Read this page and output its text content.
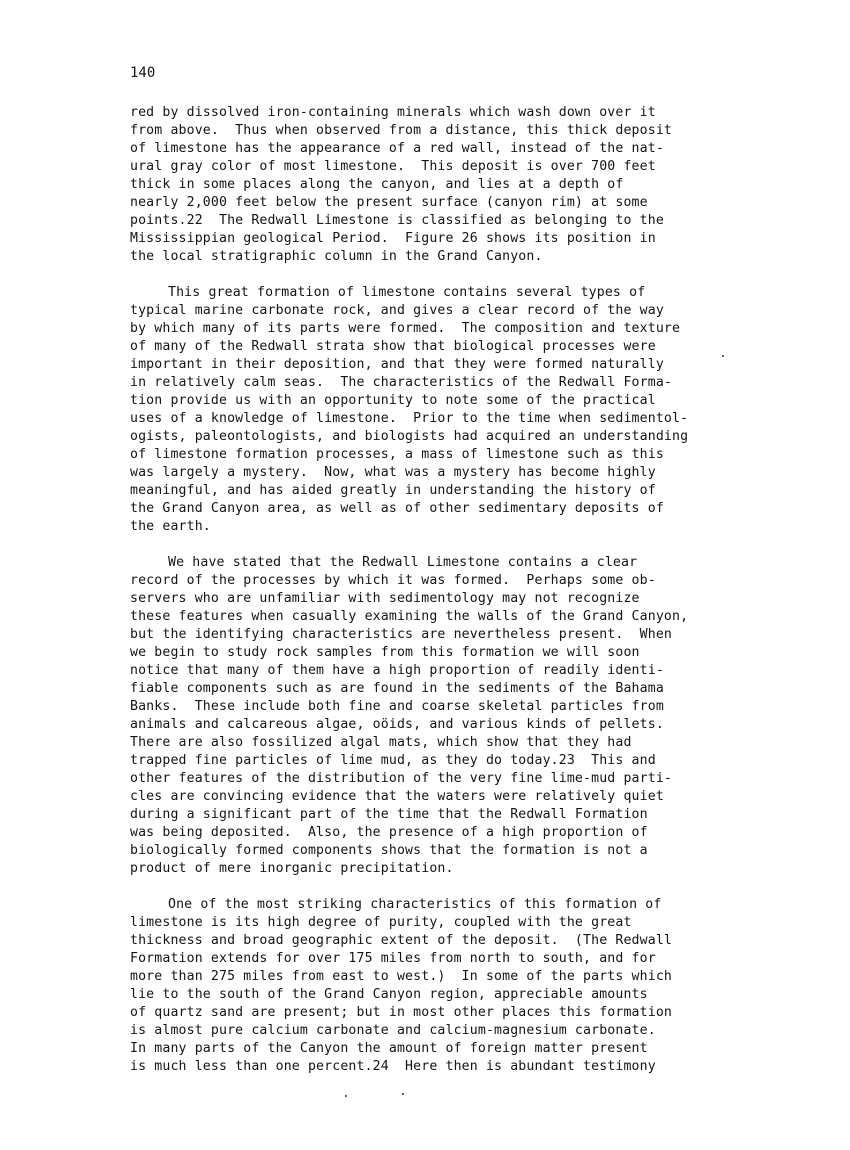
140

red by dissolved iron-containing minerals which wash down over it
from above.  Thus when observed from a distance, this thick deposit
of limestone has the appearance of a red wall, instead of the nat-
ural gray color of most limestone.  This deposit is over 700 feet
thick in some places along the canyon, and lies at a depth of
nearly 2,000 feet below the present surface (canyon rim) at some
points.22  The Redwall Limestone is classified as belonging to the
Mississippian geological Period.  Figure 26 shows its position in
the local stratigraphic column in the Grand Canyon.

This great formation of limestone contains several types of
typical marine carbonate rock, and gives a clear record of the way
by which many of its parts were formed.  The composition and texture
of many of the Redwall strata show that biological processes were
important in their deposition, and that they were formed naturally
in relatively calm seas.  The characteristics of the Redwall Forma-
tion provide us with an opportunity to note some of the practical
uses of a knowledge of limestone.  Prior to the time when sedimentol-
ogists, paleontologists, and biologists had acquired an understanding
of limestone formation processes, a mass of limestone such as this
was largely a mystery.  Now, what was a mystery has become highly
meaningful, and has aided greatly in understanding the history of
the Grand Canyon area, as well as of other sedimentary deposits of
the earth.

We have stated that the Redwall Limestone contains a clear
record of the processes by which it was formed.  Perhaps some ob-
servers who are unfamiliar with sedimentology may not recognize
these features when casually examining the walls of the Grand Canyon,
but the identifying characteristics are nevertheless present.  When
we begin to study rock samples from this formation we will soon
notice that many of them have a high proportion of readily identi-
fiable components such as are found in the sediments of the Bahama
Banks.  These include both fine and coarse skeletal particles from
animals and calcareous algae, oöids, and various kinds of pellets.
There are also fossilized algal mats, which show that they had
trapped fine particles of lime mud, as they do today.23  This and
other features of the distribution of the very fine lime-mud parti-
cles are convincing evidence that the waters were relatively quiet
during a significant part of the time that the Redwall Formation
was being deposited.  Also, the presence of a high proportion of
biologically formed components shows that the formation is not a
product of mere inorganic precipitation.

One of the most striking characteristics of this formation of
limestone is its high degree of purity, coupled with the great
thickness and broad geographic extent of the deposit.  (The Redwall
Formation extends for over 175 miles from north to south, and for
more than 275 miles from east to west.)  In some of the parts which
lie to the south of the Grand Canyon region, appreciable amounts
of quartz sand are present; but in most other places this formation
is almost pure calcium carbonate and calcium-magnesium carbonate.
In many parts of the Canyon the amount of foreign matter present
is much less than one percent.24  Here then is abundant testimony
